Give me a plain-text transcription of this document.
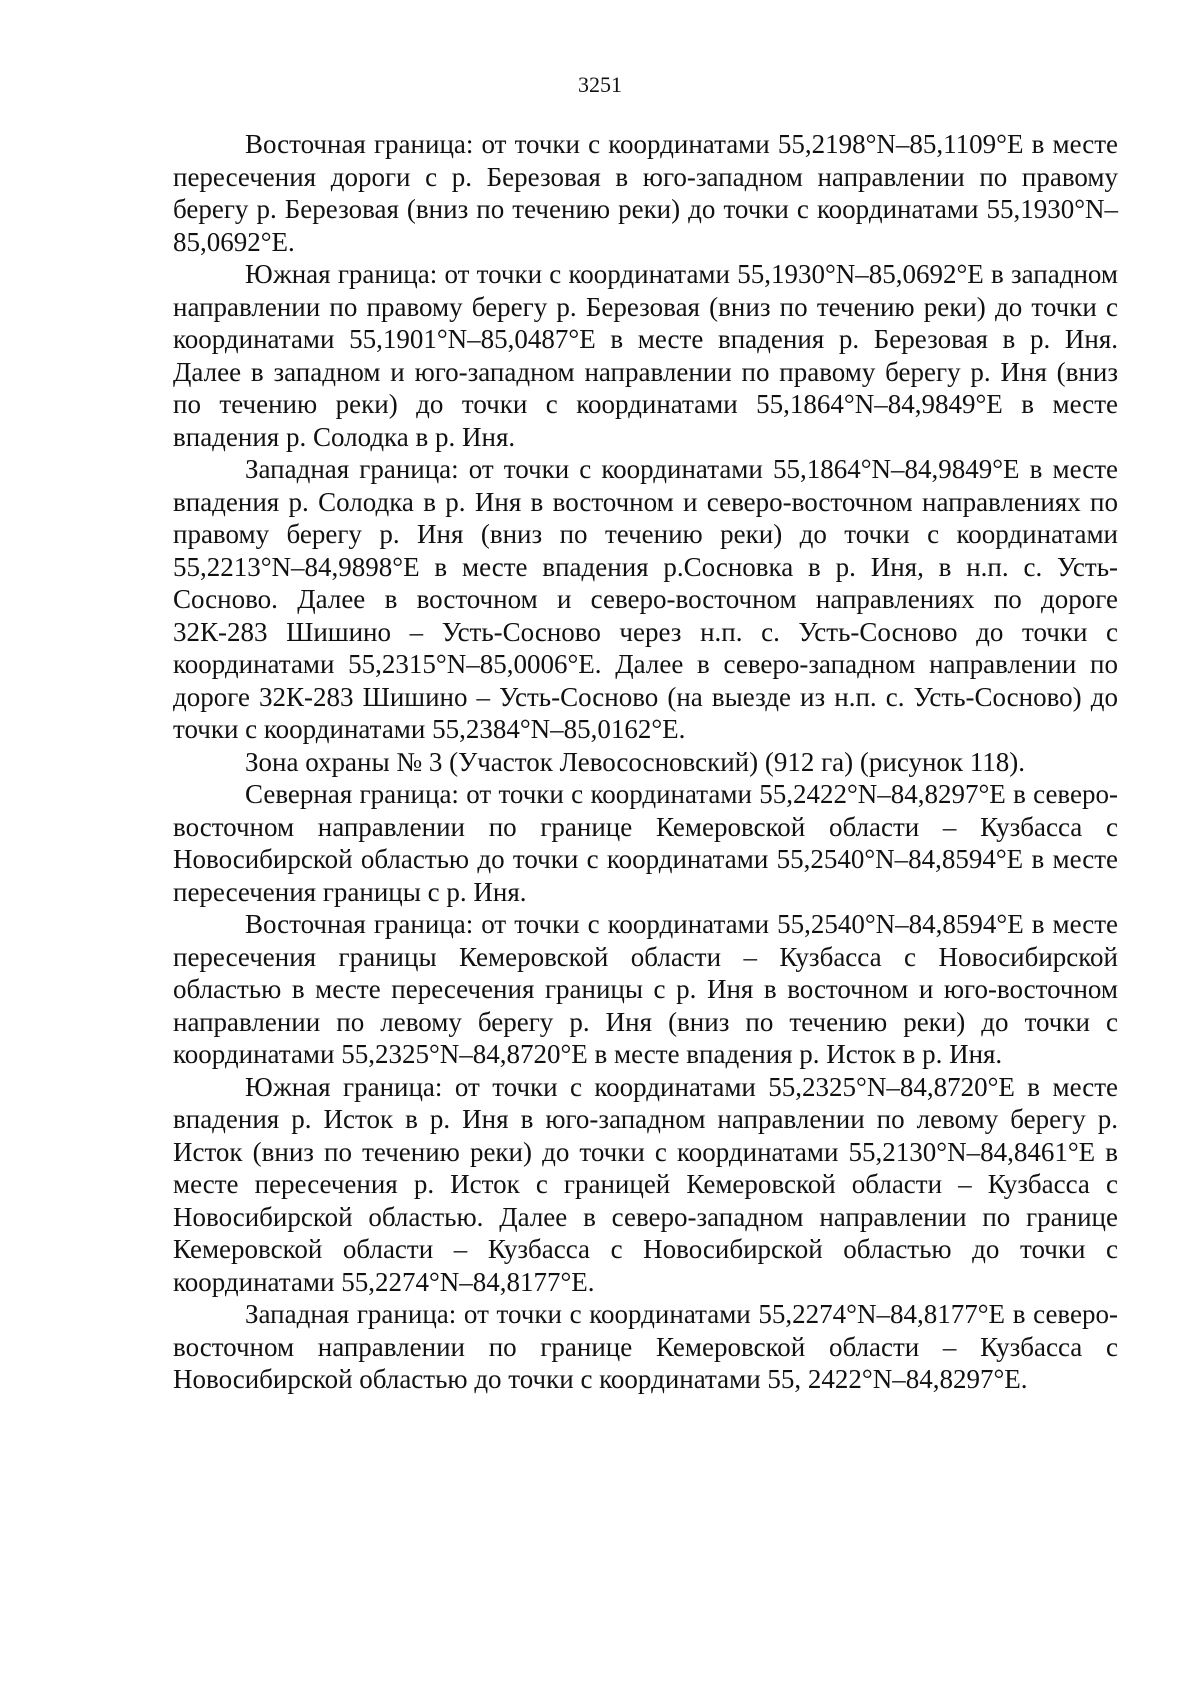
3251

Восточная граница: от точки с координатами 55,2198°N–85,1109°E в месте пересечения дороги с р. Березовая в юго-западном направлении по правому берегу р. Березовая (вниз по течению реки) до точки с координатами 55,1930°N–85,0692°E.

Южная граница: от точки с координатами 55,1930°N–85,0692°E в западном направлении по правому берегу р. Березовая (вниз по течению реки) до точки с координатами 55,1901°N–85,0487°E в месте впадения р. Березовая в р. Иня. Далее в западном и юго-западном направлении по правому берегу р. Иня (вниз по течению реки) до точки с координатами 55,1864°N–84,9849°E в месте впадения р. Солодка в р. Иня.

Западная граница: от точки с координатами 55,1864°N–84,9849°E в месте впадения р. Солодка в р. Иня в восточном и северо-восточном направлениях по правому берегу р. Иня (вниз по течению реки) до точки с координатами 55,2213°N–84,9898°E в месте впадения р.Сосновка в р. Иня, в н.п. с. Усть-Сосново. Далее в восточном и северо-восточном направлениях по дороге 32К-283 Шишино – Усть-Сосново через н.п. с. Усть-Сосново до точки с координатами 55,2315°N–85,0006°E. Далее в северо-западном направлении по дороге 32К-283 Шишино – Усть-Сосново (на выезде из н.п. с. Усть-Сосново) до точки с координатами 55,2384°N–85,0162°E.

Зона охраны № 3 (Участок Левососновский) (912 га) (рисунок 118).

Северная граница: от точки с координатами 55,2422°N–84,8297°E в северо-восточном направлении по границе Кемеровской области – Кузбасса с Новосибирской областью до точки с координатами 55,2540°N–84,8594°E в месте пересечения границы с р. Иня.

Восточная граница: от точки с координатами 55,2540°N–84,8594°E в месте пересечения границы Кемеровской области – Кузбасса с Новосибирской областью в месте пересечения границы с р. Иня в восточном и юго-восточном направлении по левому берегу р. Иня (вниз по течению реки) до точки с координатами 55,2325°N–84,8720°E в месте впадения р. Исток в р. Иня.

Южная граница: от точки с координатами 55,2325°N–84,8720°E в месте впадения р. Исток в р. Иня в юго-западном направлении по левому берегу р. Исток (вниз по течению реки) до точки с координатами 55,2130°N–84,8461°E в месте пересечения р. Исток с границей Кемеровской области – Кузбасса с Новосибирской областью. Далее в северо-западном направлении по границе Кемеровской области – Кузбасса с Новосибирской областью до точки с координатами 55,2274°N–84,8177°E.

Западная граница: от точки с координатами 55,2274°N–84,8177°E в северо-восточном направлении по границе Кемеровской области – Кузбасса с Новосибирской областью до точки с координатами 55, 2422°N–84,8297°E.
